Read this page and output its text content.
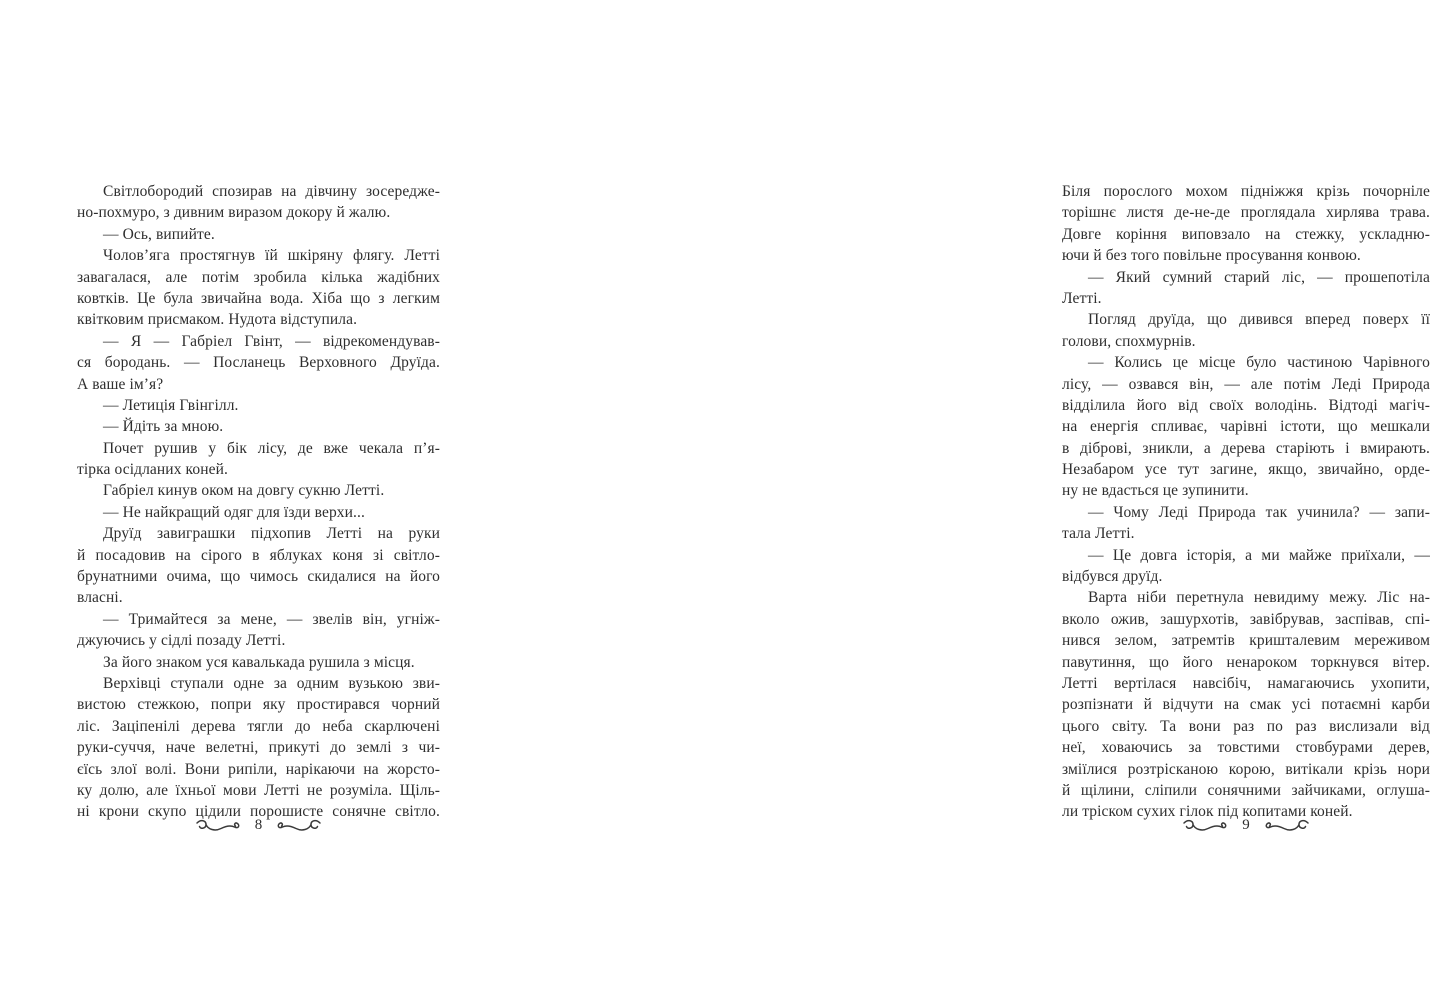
Світлобородий спозирав на дівчину зосередже-
но-похмуро, з дивним виразом докору й жалю.
— Ось, випийте.
Чолов’яга простягнув їй шкіряну флягу. Летті
завагалася, але потім зробила кілька жадібних
ковтків. Це була звичайна вода. Хіба що з легким
квітковим присмаком. Нудота відступила.
— Я — Габріел Гвінт, — відрекомендував-
ся бородань. — Посланець Верховного Друїда.
А ваше ім’я?
— Летиція Гвінгілл.
— Йдіть за мною.
Почет рушив у бік лісу, де вже чекала п’я-
тірка осідланих коней.
Габріел кинув оком на довгу сукню Летті.
— Не найкращий одяг для їзди верхи...
Друїд завиграшки підхопив Летті на руки
й посадовив на сірого в яблуках коня зі світло-
брунатними очима, що чимось скидалися на його
власні.
— Тримайтеся за мене, — звелів він, угніж-
джуючись у сідлі позаду Летті.
За його знаком уся кавалькада рушила з місця.
Верхівці ступали одне за одним вузькою зви-
вистою стежкою, попри яку простирався чорний
ліс. Заціпенілі дерева тягли до неба скарлючені
руки-суччя, наче велетні, прикуті до землі з чи-
єїсь злої волі. Вони рипіли, нарікаючи на жорсто-
ку долю, але їхньої мови Летті не розуміла. Щіль-
ні крони скупо цідили порошисте сонячне світло.
8
Біля порослого мохом підніжжя крізь почорніле
торішнє листя де-не-де проглядала хирлява трава.
Довге коріння виповзало на стежку, ускладню-
ючи й без того повільне просування конвою.
— Який сумний старий ліс, — прошепотіла
Летті.
Погляд друїда, що дивився вперед поверх її
голови, спохмурнів.
— Колись це місце було частиною Чарівного
лісу, — озвався він, — але потім Леді Природа
відділила його від своїх володінь. Відтоді магіч-
на енергія спливає, чарівні істоти, що мешкали
в діброві, зникли, а дерева старіють і вмирають.
Незабаром усе тут загине, якщо, звичайно, орде-
ну не вдасться це зупинити.
— Чому Леді Природа так учинила? — запи-
тала Летті.
— Це довга історія, а ми майже приїхали, —
відбувся друїд.
Варта ніби перетнула невидиму межу. Ліс на-
вколо ожив, зашурхотів, завібрував, заспівав, спі-
нився зелом, затремтів кришталевим мереживом
павутиння, що його ненароком торкнувся вітер.
Летті вертілася навсібіч, намагаючись ухопити,
розпізнати й відчути на смак усі потаємні карби
цього світу. Та вони раз по раз вислизали від
неї, ховаючись за товстими стовбурами дерев,
зміїлися розтрісканою корою, витікали крізь нори
й щілини, сліпили сонячними зайчиками, оглуша-
ли тріском сухих гілок під копитами коней.
9
